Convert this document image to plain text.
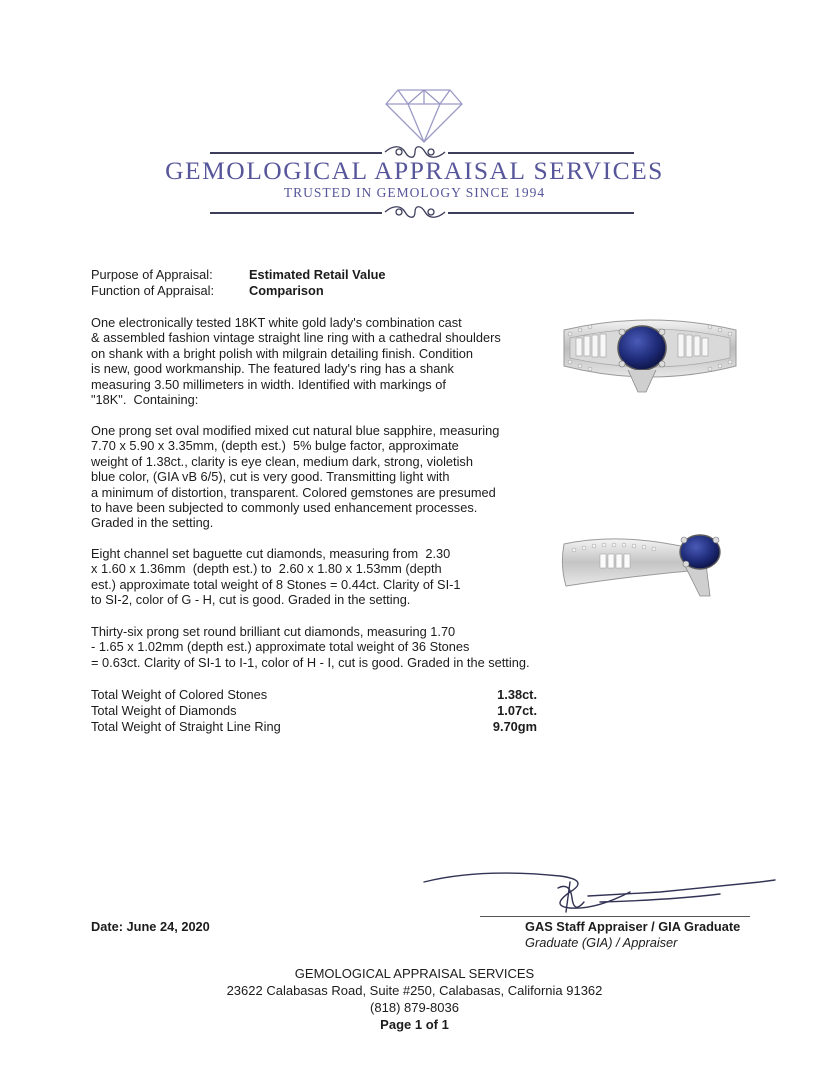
GEMOLOGICAL APPRAISAL SERVICES
TRUSTED IN GEMOLOGY SINCE 1994
Purpose of Appraisal:	Estimated Retail Value
Function of Appraisal:	Comparison
One electronically tested 18KT white gold lady's combination cast
& assembled fashion vintage straight line ring with a cathedral shoulders
on shank with a bright polish with milgrain detailing finish. Condition
is new, good workmanship. The featured lady's ring has a shank
measuring 3.50 millimeters in width. Identified with markings of
"18K".  Containing:
One prong set oval modified mixed cut natural blue sapphire, measuring
7.70 x 5.90 x 3.35mm, (depth est.)  5% bulge factor, approximate
weight of 1.38ct., clarity is eye clean, medium dark, strong, violetish
blue color, (GIA vB 6/5), cut is very good. Transmitting light with
a minimum of distortion, transparent. Colored gemstones are presumed
to have been subjected to commonly used enhancement processes.
Graded in the setting.
Eight channel set baguette cut diamonds, measuring from  2.30
x 1.60 x 1.36mm  (depth est.) to  2.60 x 1.80 x 1.53mm (depth
est.) approximate total weight of 8 Stones = 0.44ct. Clarity of SI-1
to SI-2, color of G - H, cut is good. Graded in the setting.
Thirty-six prong set round brilliant cut diamonds, measuring 1.70
- 1.65 x 1.02mm (depth est.) approximate total weight of 36 Stones
= 0.63ct. Clarity of SI-1 to I-1, color of H - I, cut is good. Graded in the setting.
Total Weight of Colored Stones	1.38ct.
Total Weight of Diamonds	1.07ct.
Total Weight of Straight Line Ring	9.70gm
Date: June 24, 2020	GAS Staff Appraiser / GIA Graduate
Graduate (GIA) / Appraiser
GEMOLOGICAL APPRAISAL SERVICES
23622 Calabasas Road, Suite #250, Calabasas, California 91362
(818) 879-8036
Page 1 of 1
